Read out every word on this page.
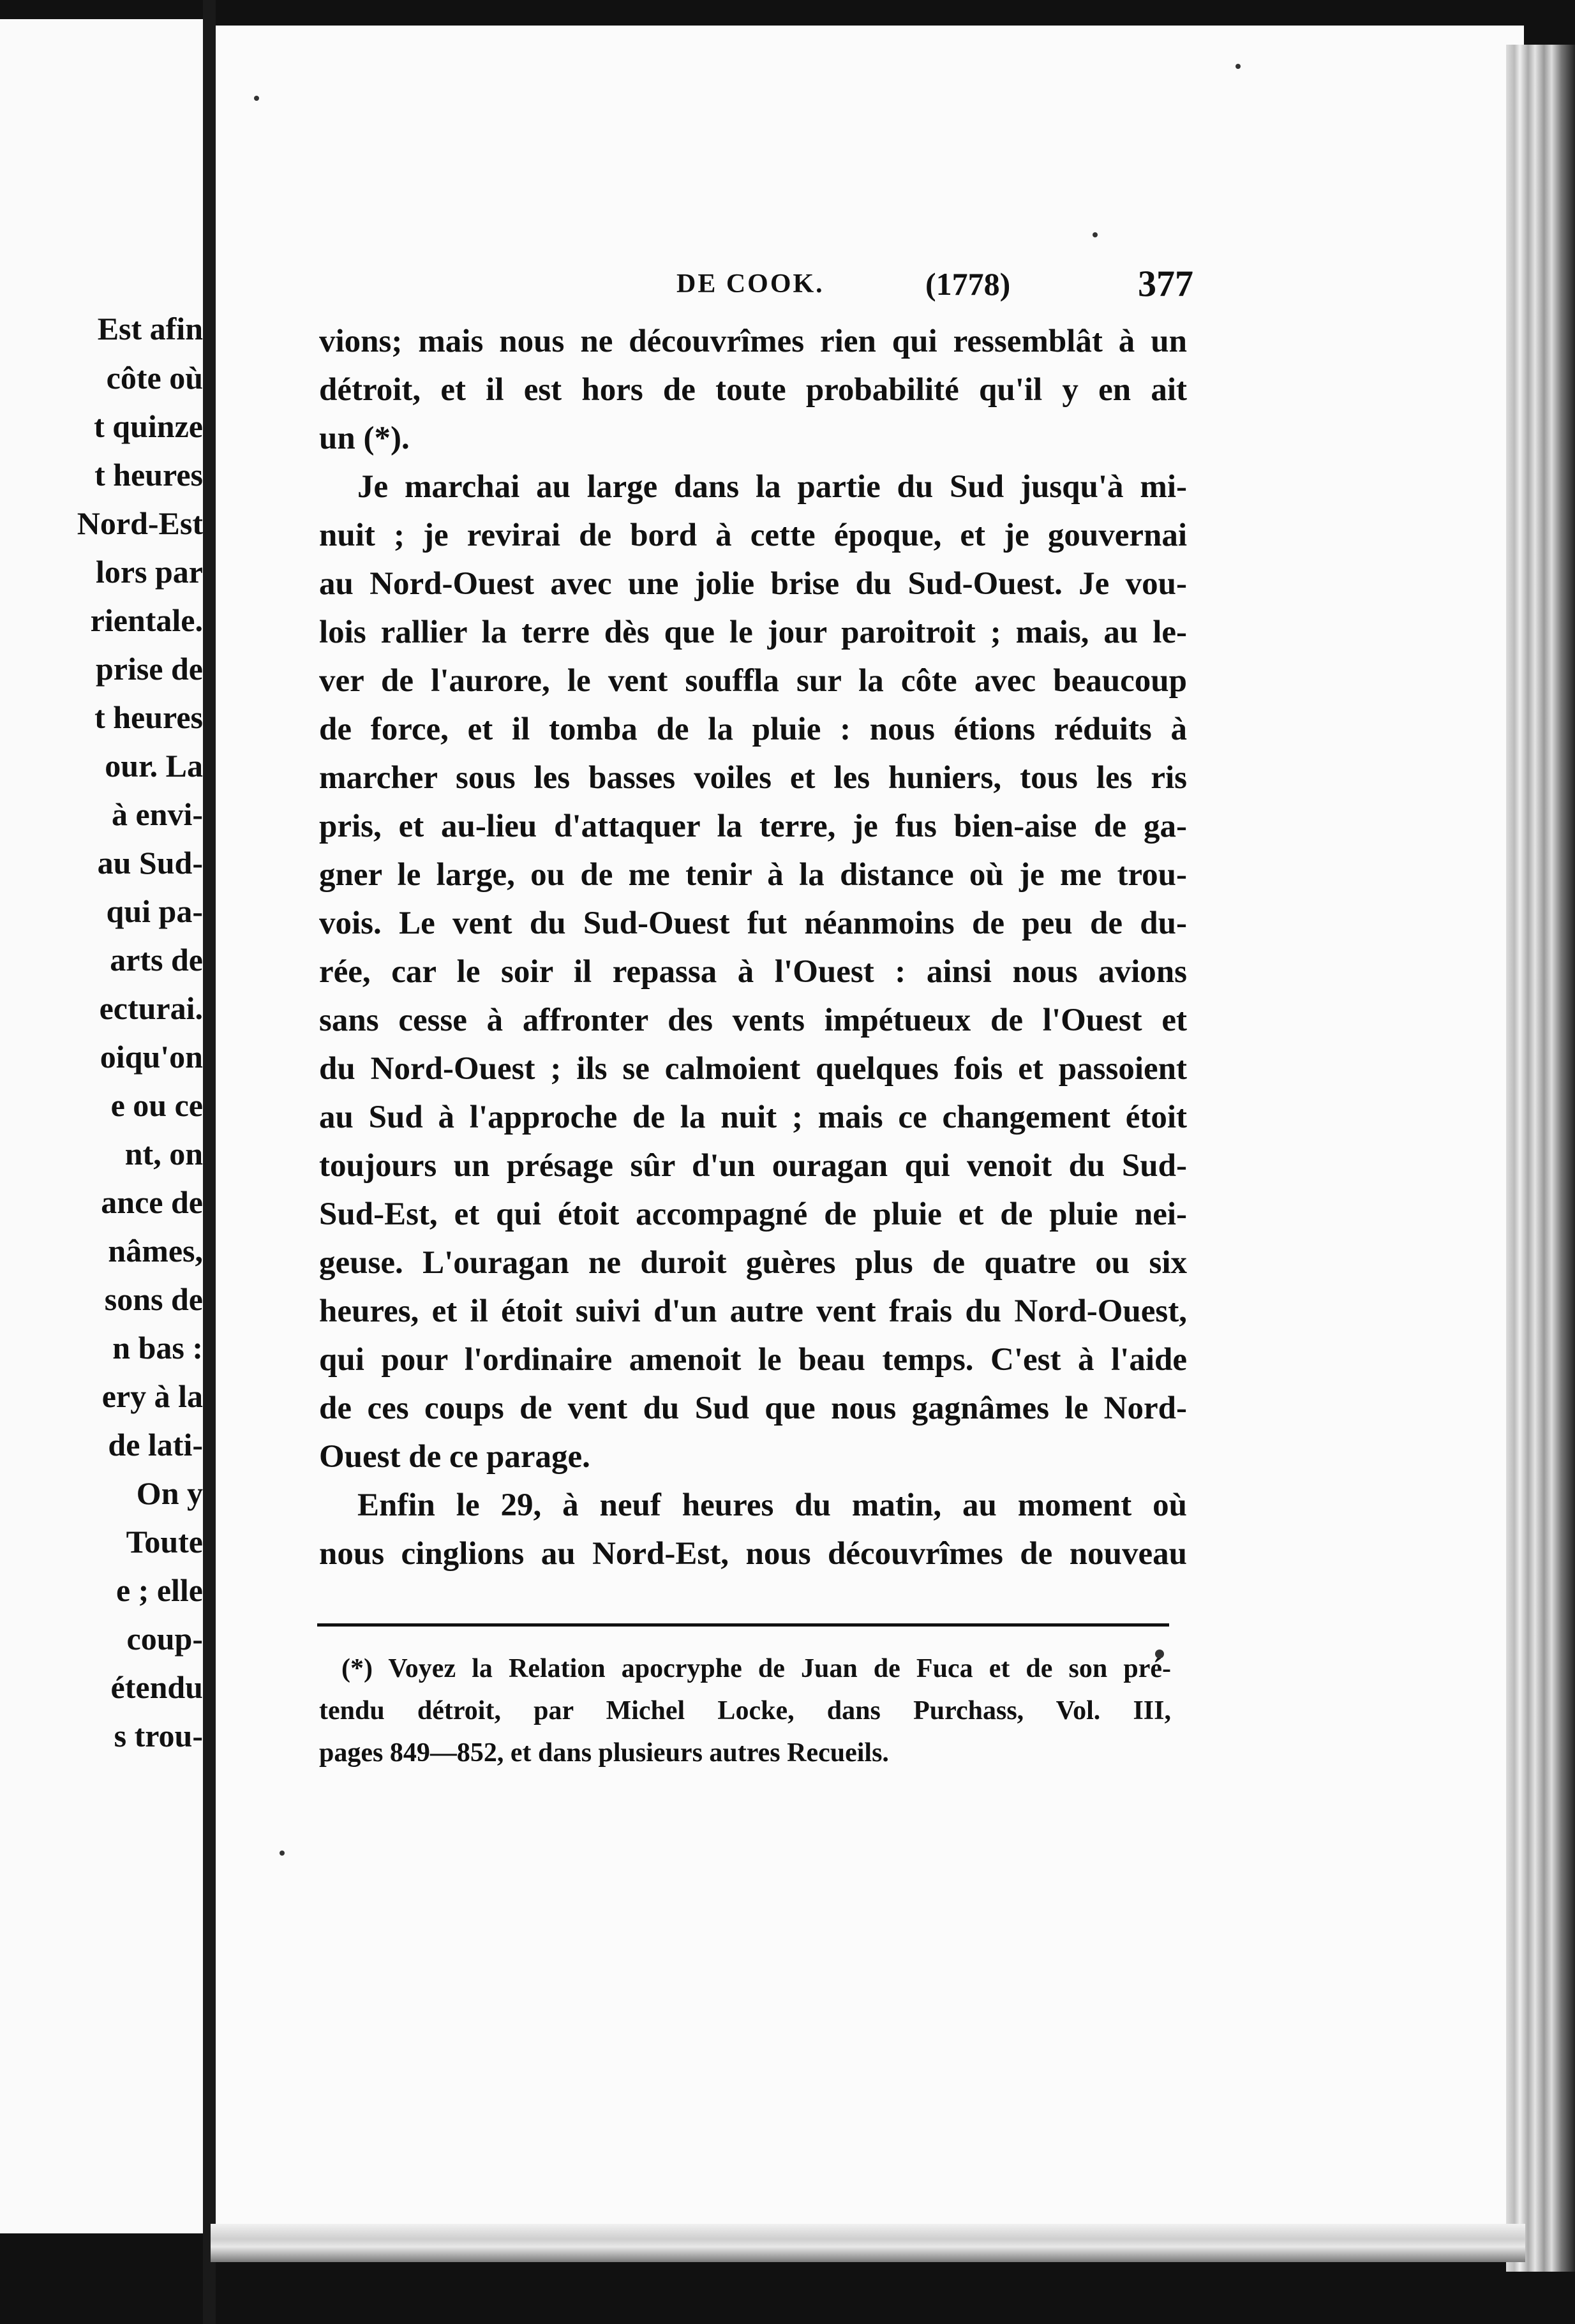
Est afin
côte où
t quinze
t heures
Nord-Est
lors par
rientale.
prise de
t heures
our. La
à envi-
au Sud-
qui pa-
arts de
ecturai.
oiqu'on
e ou ce
nt, on
ance de
nâmes,
sons de
n bas :
ery à la
de lati-
On y
Toute
e ; elle
coup-
étendu
s trou-
DE COOK.	(1778)	377
vions; mais nous ne découvrîmes rien qui ressemblât à un
détroit, et il est hors de toute probabilité qu'il y en ait
un (*).
Je marchai au large dans la partie du Sud jusqu'à mi-
nuit ; je revirai de bord à cette époque, et je gouvernai
au Nord-Ouest avec une jolie brise du Sud-Ouest. Je vou-
lois rallier la terre dès que le jour paroitroit ; mais, au le-
ver de l'aurore, le vent souffla sur la côte avec beaucoup
de force, et il tomba de la pluie : nous étions réduits à
marcher sous les basses voiles et les huniers, tous les ris
pris, et au-lieu d'attaquer la terre, je fus bien-aise de ga-
gner le large, ou de me tenir à la distance où je me trou-
vois. Le vent du Sud-Ouest fut néanmoins de peu de du-
rée, car le soir il repassa à l'Ouest : ainsi nous avions
sans cesse à affronter des vents impétueux de l'Ouest et
du Nord-Ouest ; ils se calmoient quelques fois et passoient
au Sud à l'approche de la nuit ; mais ce changement étoit
toujours un présage sûr d'un ouragan qui venoit du Sud-
Sud-Est, et qui étoit accompagné de pluie et de pluie nei-
geuse. L'ouragan ne duroit guères plus de quatre ou six
heures, et il étoit suivi d'un autre vent frais du Nord-Ouest,
qui pour l'ordinaire amenoit le beau temps. C'est à l'aide
de ces coups de vent du Sud que nous gagnâmes le Nord-
Ouest de ce parage.
Enfin le 29, à neuf heures du matin, au moment où
nous cinglions au Nord-Est, nous découvrîmes de nouveau
(*) Voyez la Relation apocryphe de Juan de Fuca et de son pré-
tendu détroit, par Michel Locke, dans Purchass, Vol. III,
pages 849—852, et dans plusieurs autres Recueils.
